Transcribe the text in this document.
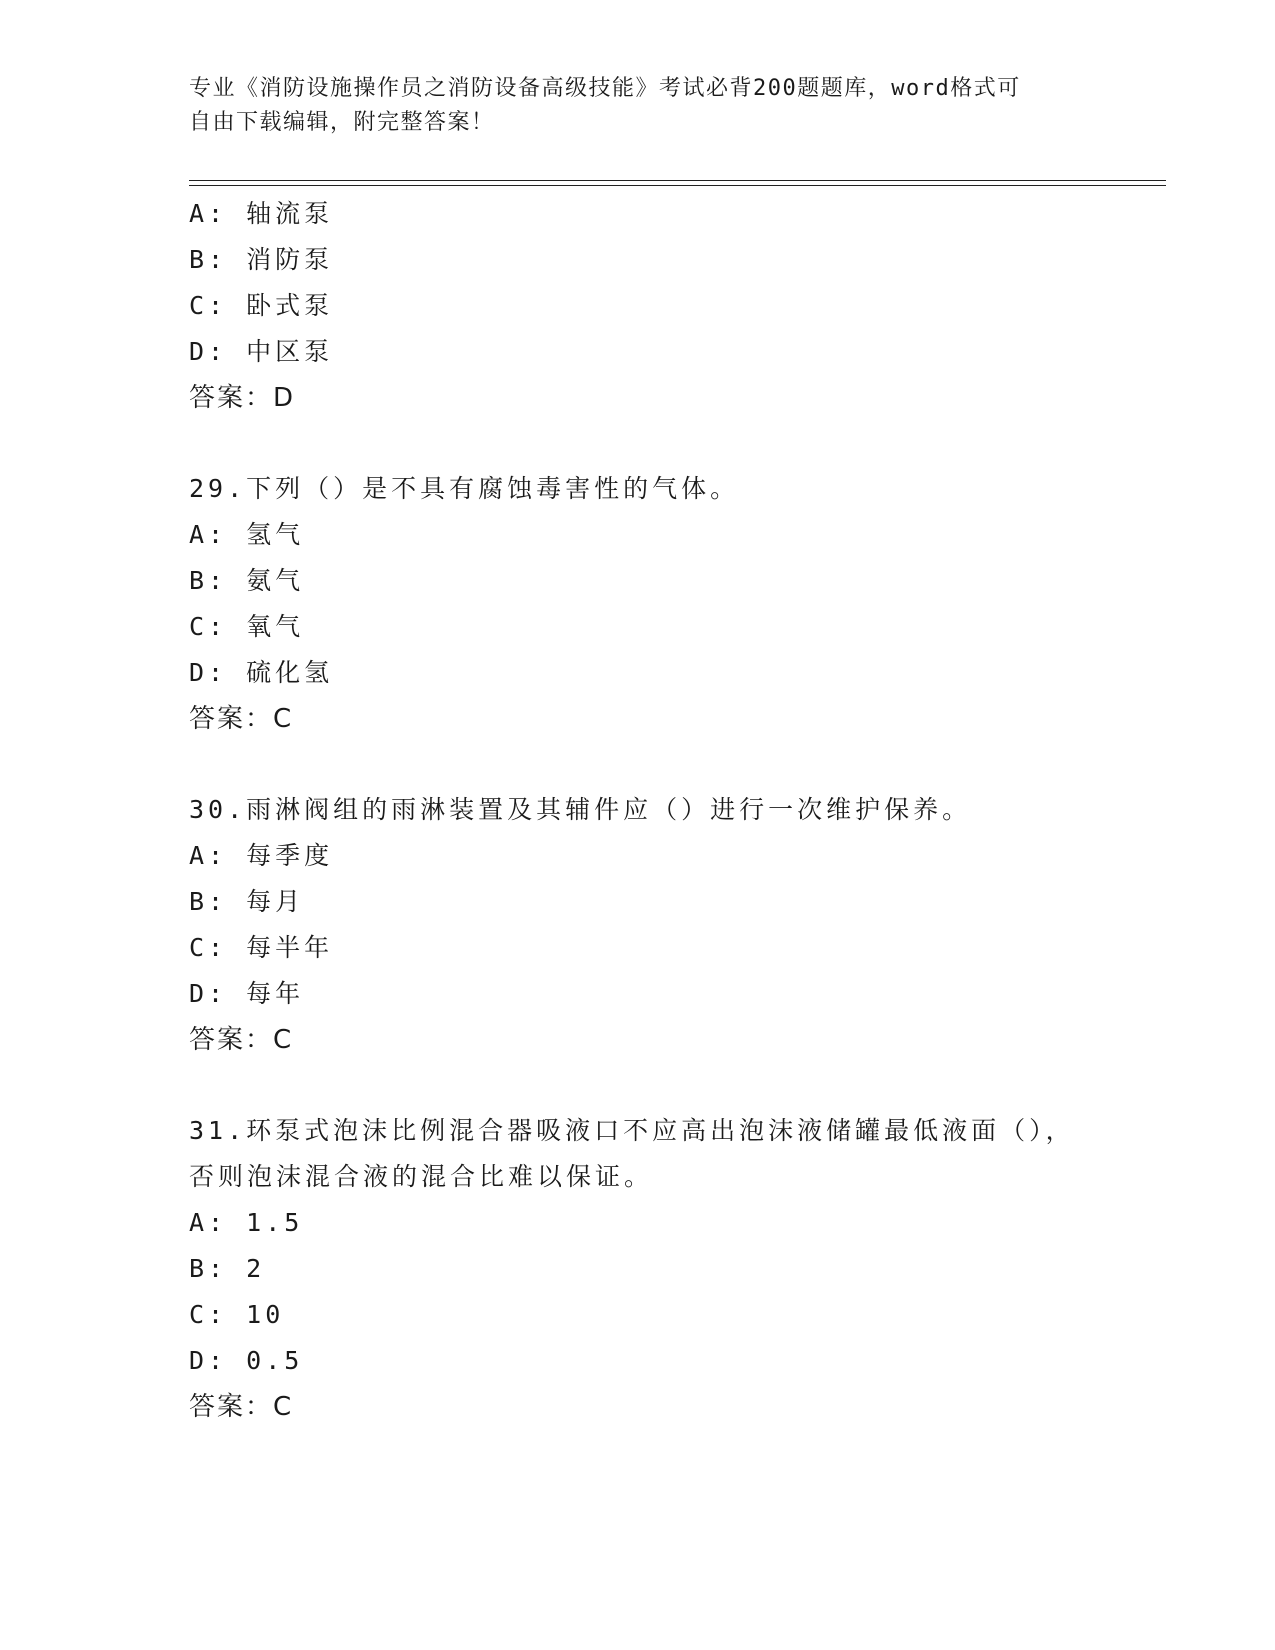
专业《消防设施操作员之消防设备高级技能》考试必背200题题库，word格式可
自由下载编辑，附完整答案！
A: 轴流泵
B: 消防泵
C: 卧式泵
D: 中区泵
答案：D
29.下列（）是不具有腐蚀毒害性的气体。
A: 氢气
B: 氨气
C: 氧气
D: 硫化氢
答案：C
30.雨淋阀组的雨淋装置及其辅件应（）进行一次维护保养。
A: 每季度
B: 每月
C: 每半年
D: 每年
答案：C
31.环泵式泡沫比例混合器吸液口不应高出泡沫液储罐最低液面（），
否则泡沫混合液的混合比难以保证。
A: 1.5
B: 2
C: 10
D: 0.5
答案：C
